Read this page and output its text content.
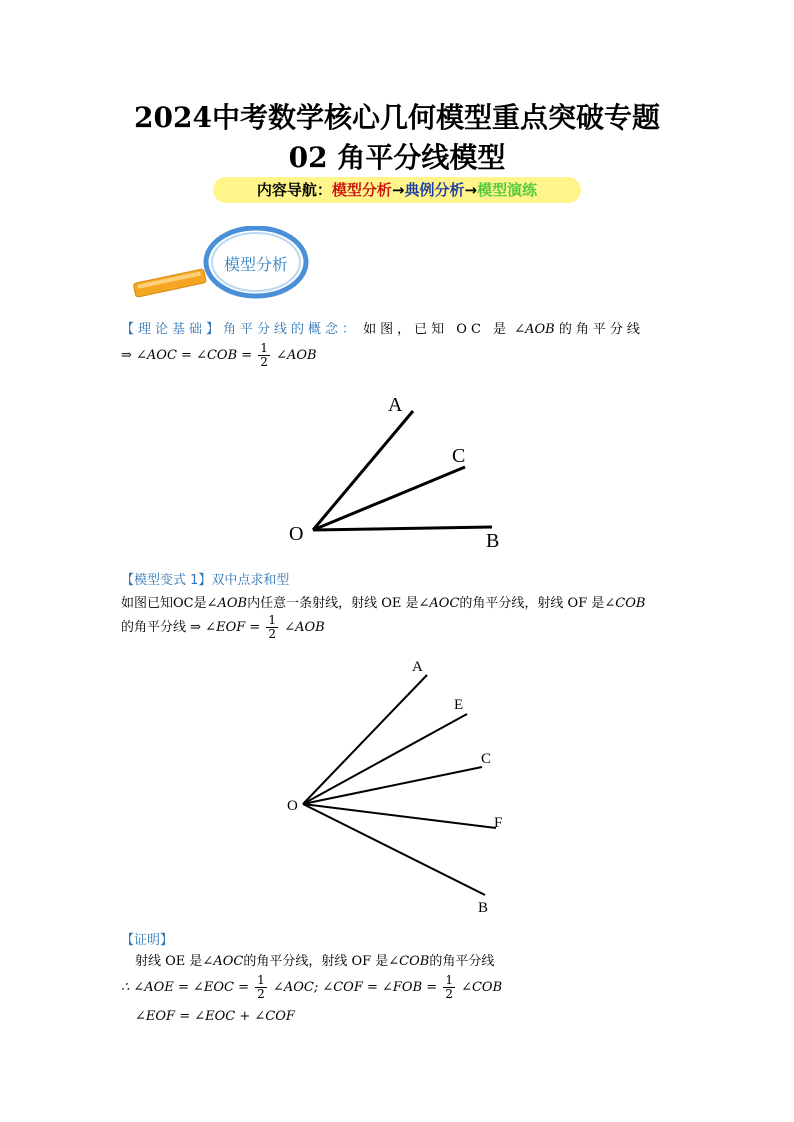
2024中考数学核心几何模型重点突破专题
02 角平分线模型
内容导航：模型分析→典例分析→模型演练
模型分析
【理论基础】角平分线的概念： 如图，已知 OC 是 ∠AOB 的角平分线
⇒ ∠AOC = ∠COB = $\frac{1}{2}$ ∠AOB
A
C
O	B
【模型变式 1】双中点求和型
如图已知OC是∠AOB内任意一条射线，射线 OE 是∠AOC的角平分线，射线 OF 是∠COB
的角平分线 ⇒ ∠EOF = $\frac{1}{2}$ ∠AOB
A
E
C
O
F
B
【证明】
射线 OE 是∠AOC的角平分线，射线 OF 是∠COB的角平分线
∴ ∠AOE = ∠EOC = $\frac{1}{2}$ ∠AOC; ∠COF = ∠FOB = $\frac{1}{2}$ ∠COB
∠EOF = ∠EOC + ∠COF
